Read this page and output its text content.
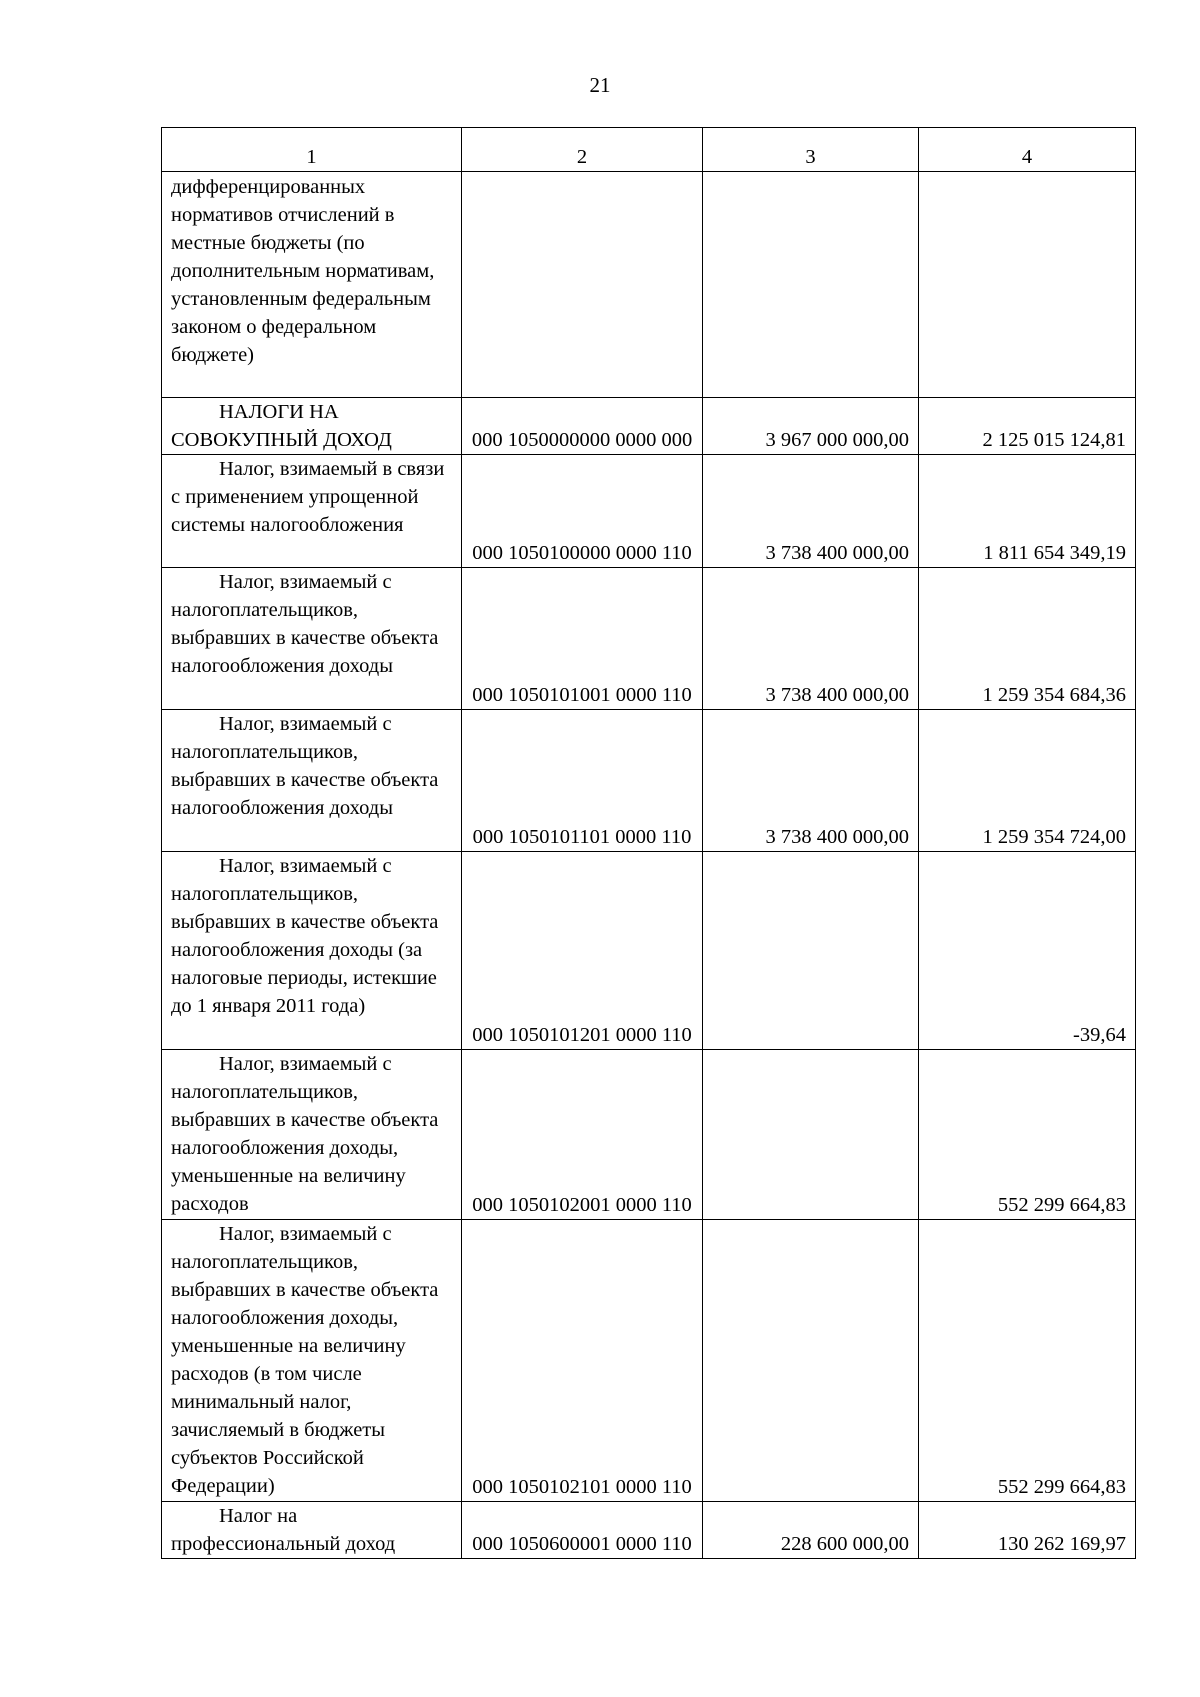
21
1	2	3	4
дифференцированных нормативов отчислений в местные бюджеты (по дополнительным нормативам, установленным федеральным законом о федеральном бюджете)			
НАЛОГИ НА СОВОКУПНЫЙ ДОХОД	000 1050000000 0000 000	3 967 000 000,00	2 125 015 124,81
Налог, взимаемый в связи с применением упрощенной системы налогообложения	000 1050100000 0000 110	3 738 400 000,00	1 811 654 349,19
Налог, взимаемый с налогоплательщиков, выбравших в качестве объекта налогообложения доходы	000 1050101001 0000 110	3 738 400 000,00	1 259 354 684,36
Налог, взимаемый с налогоплательщиков, выбравших в качестве объекта налогообложения доходы	000 1050101101 0000 110	3 738 400 000,00	1 259 354 724,00
Налог, взимаемый с налогоплательщиков, выбравших в качестве объекта налогообложения доходы (за налоговые периоды, истекшие до 1 января 2011 года)	000 1050101201 0000 110		-39,64
Налог, взимаемый с налогоплательщиков, выбравших в качестве объекта налогообложения доходы, уменьшенные на величину расходов	000 1050102001 0000 110		552 299 664,83
Налог, взимаемый с налогоплательщиков, выбравших в качестве объекта налогообложения доходы, уменьшенные на величину расходов (в том числе минимальный налог, зачисляемый в бюджеты субъектов Российской Федерации)	000 1050102101 0000 110		552 299 664,83
Налог на профессиональный доход	000 1050600001 0000 110	228 600 000,00	130 262 169,97
